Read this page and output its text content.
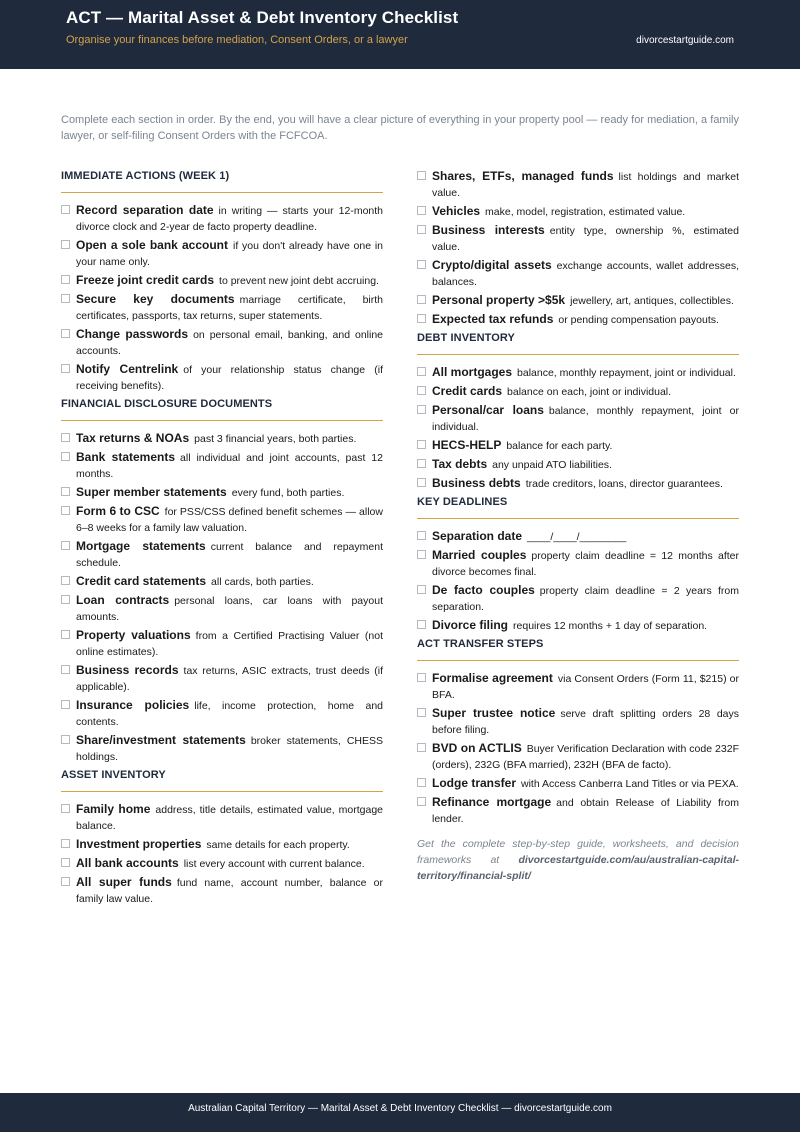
ACT — Marital Asset & Debt Inventory Checklist
Organise your finances before mediation, Consent Orders, or a lawyer	divorcestartguide.com
Complete each section in order. By the end, you will have a clear picture of everything in your property pool — ready for mediation, a family lawyer, or self-filing Consent Orders with the FCFCOA.
IMMEDIATE ACTIONS (WEEK 1)
Record separation date in writing — starts your 12-month divorce clock and 2-year de facto property deadline.
Open a sole bank account if you don't already have one in your name only.
Freeze joint credit cards to prevent new joint debt accruing.
Secure key documents marriage certificate, birth certificates, passports, tax returns, super statements.
Change passwords on personal email, banking, and online accounts.
Notify Centrelink of your relationship status change (if receiving benefits).
FINANCIAL DISCLOSURE DOCUMENTS
Tax returns & NOAs past 3 financial years, both parties.
Bank statements all individual and joint accounts, past 12 months.
Super member statements every fund, both parties.
Form 6 to CSC for PSS/CSS defined benefit schemes — allow 6–8 weeks for a family law valuation.
Mortgage statements current balance and repayment schedule.
Credit card statements all cards, both parties.
Loan contracts personal loans, car loans with payout amounts.
Property valuations from a Certified Practising Valuer (not online estimates).
Business records tax returns, ASIC extracts, trust deeds (if applicable).
Insurance policies life, income protection, home and contents.
Share/investment statements broker statements, CHESS holdings.
ASSET INVENTORY
Family home address, title details, estimated value, mortgage balance.
Investment properties same details for each property.
All bank accounts list every account with current balance.
All super funds fund name, account number, balance or family law value.
Shares, ETFs, managed funds list holdings and market value.
Vehicles make, model, registration, estimated value.
Business interests entity type, ownership %, estimated value.
Crypto/digital assets exchange accounts, wallet addresses, balances.
Personal property >$5k jewellery, art, antiques, collectibles.
Expected tax refunds or pending compensation payouts.
DEBT INVENTORY
All mortgages balance, monthly repayment, joint or individual.
Credit cards balance on each, joint or individual.
Personal/car loans balance, monthly repayment, joint or individual.
HECS-HELP balance for each party.
Tax debts any unpaid ATO liabilities.
Business debts trade creditors, loans, director guarantees.
KEY DEADLINES
Separation date ____/____/________
Married couples property claim deadline = 12 months after divorce becomes final.
De facto couples property claim deadline = 2 years from separation.
Divorce filing requires 12 months + 1 day of separation.
ACT TRANSFER STEPS
Formalise agreement via Consent Orders (Form 11, $215) or BFA.
Super trustee notice serve draft splitting orders 28 days before filing.
BVD on ACTLIS Buyer Verification Declaration with code 232F (orders), 232G (BFA married), 232H (BFA de facto).
Lodge transfer with Access Canberra Land Titles or via PEXA.
Refinance mortgage and obtain Release of Liability from lender.
Get the complete step-by-step guide, worksheets, and decision frameworks at divorcestartguide.com/au/australian-capital-territory/financial-split/
Australian Capital Territory — Marital Asset & Debt Inventory Checklist — divorcestartguide.com
